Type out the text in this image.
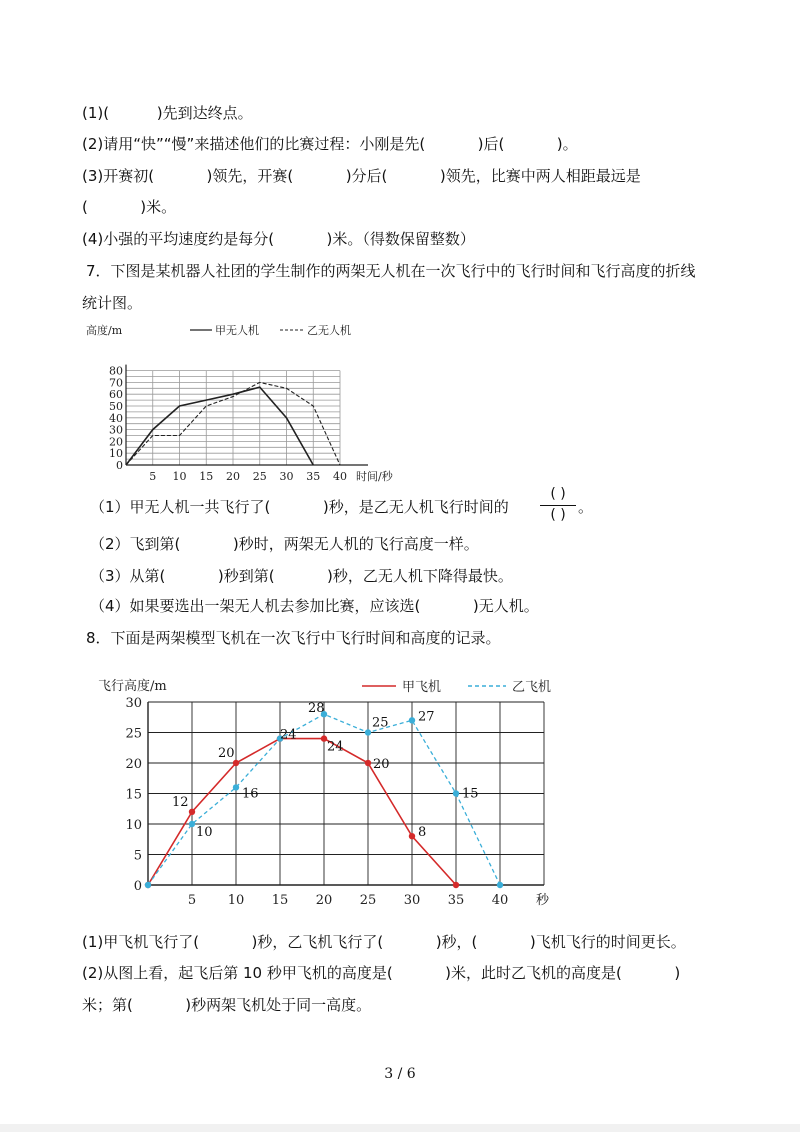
(1)(          )先到达终点。
(2)请用“快”“慢”来描述他们的比赛过程：小刚是先(           )后(           )。
(3)开赛初(           )领先，开赛(           )分后(           )领先，比赛中两人相距最远是
(           )米。
(4)小强的平均速度约是每分(           )米。（得数保留整数）
7．下图是某机器人社团的学生制作的两架无人机在一次飞行中的飞行时间和飞行高度的折线
统计图。
0
10
20
30
40
50
60
70
80
5 10 15 20 25 30 35 40 时间/秒
高度/m	甲无人机	乙无人机
（1）甲无人机一共飞行了(           )秒，是乙无人机飞行时间的
( )
( ) 。
（2）飞到第(           )秒时，两架无人机的飞行高度一样。
（3）从第(           )秒到第(           )秒，乙无人机下降得最快。
（4）如果要选出一架无人机去参加比赛，应该选(           )无人机。
8．下面是两架模型飞机在一次飞行中飞行时间和高度的记录。
0
5
10
15
20
25
30
5 10 15 20 25 30 35 40 秒
飞行高度/m	甲飞机	乙飞机
12
20
24
24
20
8
10
16
28
25 27
15
(1)甲飞机飞行了(           )秒，乙飞机飞行了(           )秒，(           )飞机飞行的时间更长。
(2)从图上看，起飞后第 10 秒甲飞机的高度是(           )米，此时乙飞机的高度是(           )
米；第(           )秒两架飞机处于同一高度。
3 / 6
